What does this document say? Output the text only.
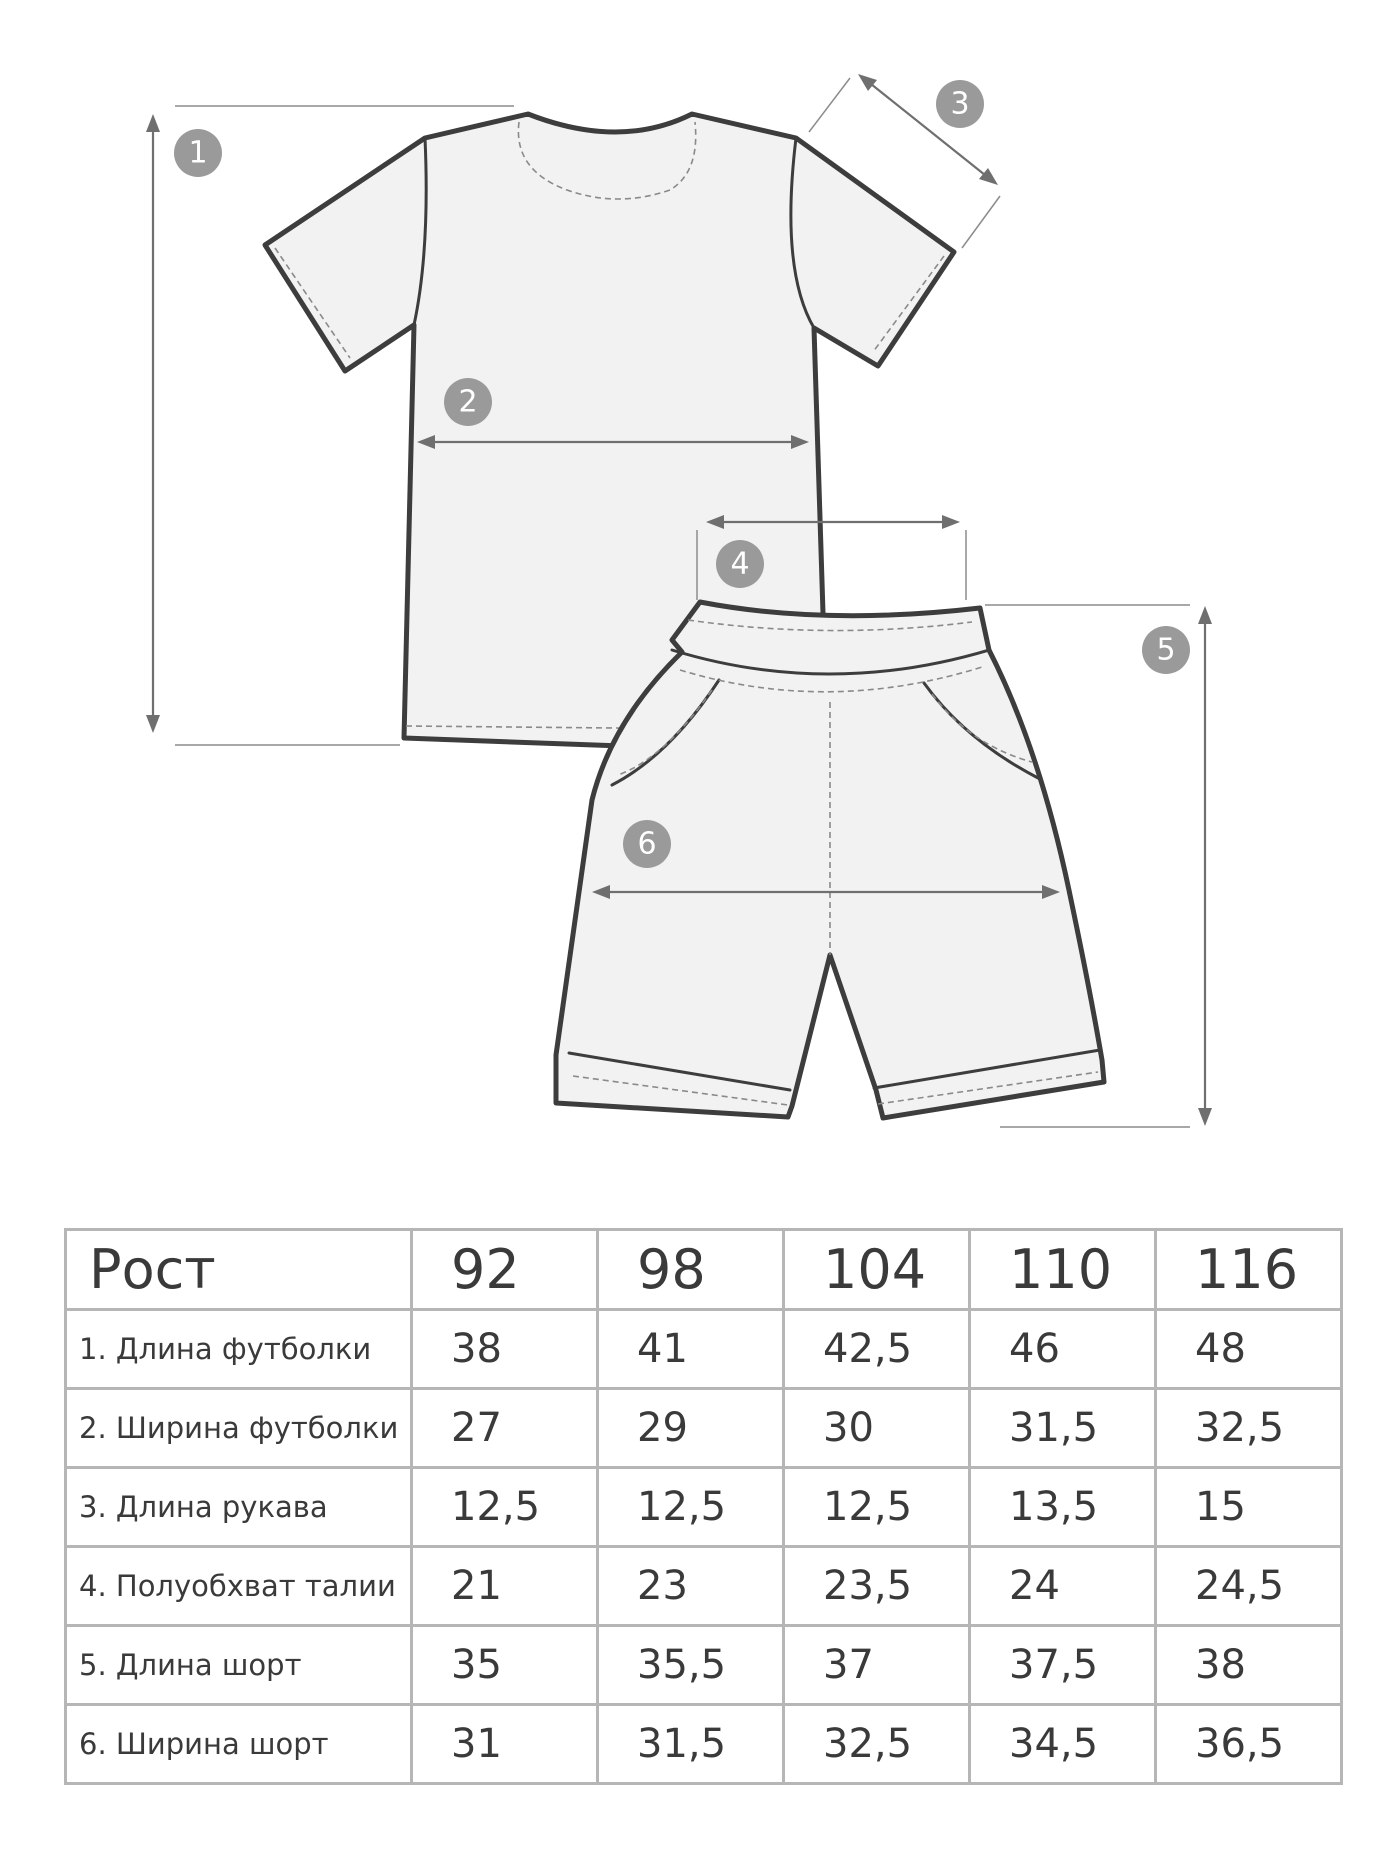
1
2
3
4
5
6
Рост	92	98	104	110	116
1. Длина футболки	38	41	42,5	46	48
2. Ширина футболки	27	29	30	31,5	32,5
3. Длина рукава	12,5	12,5	12,5	13,5	15
4. Полуобхват талии	21	23	23,5	24	24,5
5. Длина шорт	35	35,5	37	37,5	38
6. Ширина шорт	31	31,5	32,5	34,5	36,5
